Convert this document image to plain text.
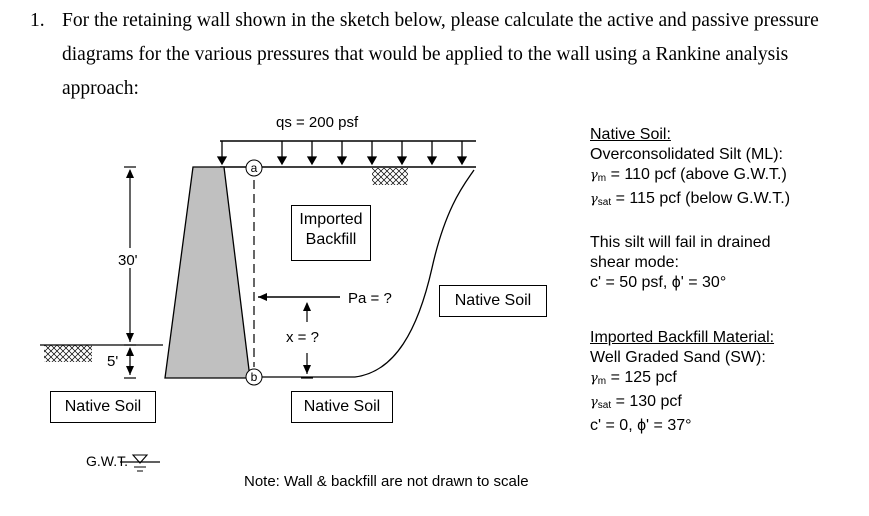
1. For the retaining wall shown in the sketch below, please calculate the active and passive pressure diagrams for the various pressures that would be applied to the wall using a Rankine analysis approach:
qs = 200 psf
a
b
30'
5'
Pa = ?
x = ?
G.W.T.
Note: Wall & backfill are not drawn to scale
Imported
Backfill
Native Soil
Native Soil	Native Soil
Native Soil:
Overconsolidated Silt (ML):
$\gamma_m = 110$ pcf (above G.W.T.)
$\gamma_{sat} = 115$ pcf (below G.W.T.)
This silt will fail in drained
shear mode:
c' = 50 psf, ϕ' = 30°
Imported Backfill Material:
Well Graded Sand (SW):
$\gamma_m = 125$ pcf
$\gamma_{sat} = 130$ pcf
c' = 0, ϕ' = 37°
